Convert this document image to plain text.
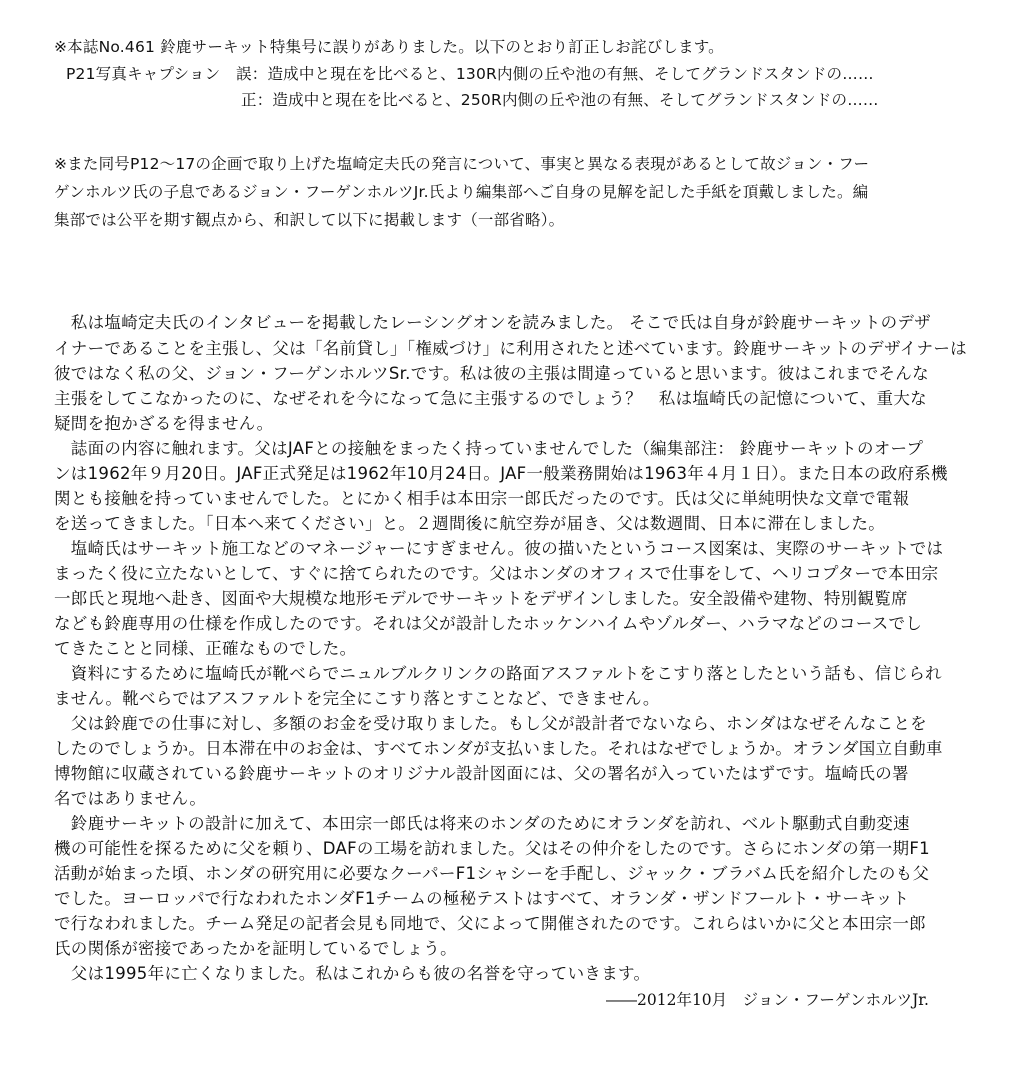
※本誌No.461 鈴鹿サーキット特集号に誤りがありました。以下のとおり訂正しお詫びします。
P21写真キャプション　誤：造成中と現在を比べると、130R内側の丘や池の有無、そしてグランドスタンドの……
正：造成中と現在を比べると、250R内側の丘や池の有無、そしてグランドスタンドの……
※また同号P12～17の企画で取り上げた塩崎定夫氏の発言について、事実と異なる表現があるとして故ジョン・フー
ゲンホルツ氏の子息であるジョン・フーゲンホルツJr.氏より編集部へご自身の見解を記した手紙を頂戴しました。編
集部では公平を期す観点から、和訳して以下に掲載します（一部省略）。
　私は塩崎定夫氏のインタビューを掲載したレーシングオンを読みました。 そこで氏は自身が鈴鹿サーキットのデザ
イナーであることを主張し、父は「名前貸し」「権威づけ」に利用されたと述べています。鈴鹿サーキットのデザイナーは
彼ではなく私の父、ジョン・フーゲンホルツSr.です。私は彼の主張は間違っていると思います。彼はこれまでそんな
主張をしてこなかったのに、なぜそれを今になって急に主張するのでしょう？　私は塩崎氏の記憶について、重大な
疑問を抱かざるを得ません。
　誌面の内容に触れます。父はJAFとの接触をまったく持っていませんでした（編集部注： 鈴鹿サーキットのオープ
ンは1962年９月20日。JAF正式発足は1962年10月24日。JAF一般業務開始は1963年４月１日）。また日本の政府系機
関とも接触を持っていませんでした。とにかく相手は本田宗一郎氏だったのです。氏は父に単純明快な文章で電報
を送ってきました。「日本へ来てください」と。２週間後に航空券が届き、父は数週間、日本に滞在しました。
　塩崎氏はサーキット施工などのマネージャーにすぎません。彼の描いたというコース図案は、実際のサーキットでは
まったく役に立たないとして、すぐに捨てられたのです。父はホンダのオフィスで仕事をして、ヘリコプターで本田宗
一郎氏と現地へ赴き、図面や大規模な地形モデルでサーキットをデザインしました。安全設備や建物、特別観覧席
なども鈴鹿専用の仕様を作成したのです。それは父が設計したホッケンハイムやゾルダー、ハラマなどのコースでし
てきたことと同様、正確なものでした。
　資料にするために塩崎氏が靴べらでニュルブルクリンクの路面アスファルトをこすり落としたという話も、信じられ
ません。靴べらではアスファルトを完全にこすり落とすことなど、できません。
　父は鈴鹿での仕事に対し、多額のお金を受け取りました。もし父が設計者でないなら、ホンダはなぜそんなことを
したのでしょうか。日本滞在中のお金は、すべてホンダが支払いました。それはなぜでしょうか。オランダ国立自動車
博物館に収蔵されている鈴鹿サーキットのオリジナル設計図面には、父の署名が入っていたはずです。塩崎氏の署
名ではありません。
　鈴鹿サーキットの設計に加えて、本田宗一郎氏は将来のホンダのためにオランダを訪れ、ベルト駆動式自動変速
機の可能性を探るために父を頼り、DAFの工場を訪れました。父はその仲介をしたのです。さらにホンダの第一期F1
活動が始まった頃、ホンダの研究用に必要なクーパーF1シャシーを手配し、ジャック・ブラバム氏を紹介したのも父
でした。ヨーロッパで行なわれたホンダF1チームの極秘テストはすべて、オランダ・ザンドフールト・サーキット
で行なわれました。チーム発足の記者会見も同地で、父によって開催されたのです。これらはいかに父と本田宗一郎
氏の関係が密接であったかを証明しているでしょう。
　父は1995年に亡くなりました。私はこれからも彼の名誉を守っていきます。
――2012年10月　ジョン・フーゲンホルツJr.
